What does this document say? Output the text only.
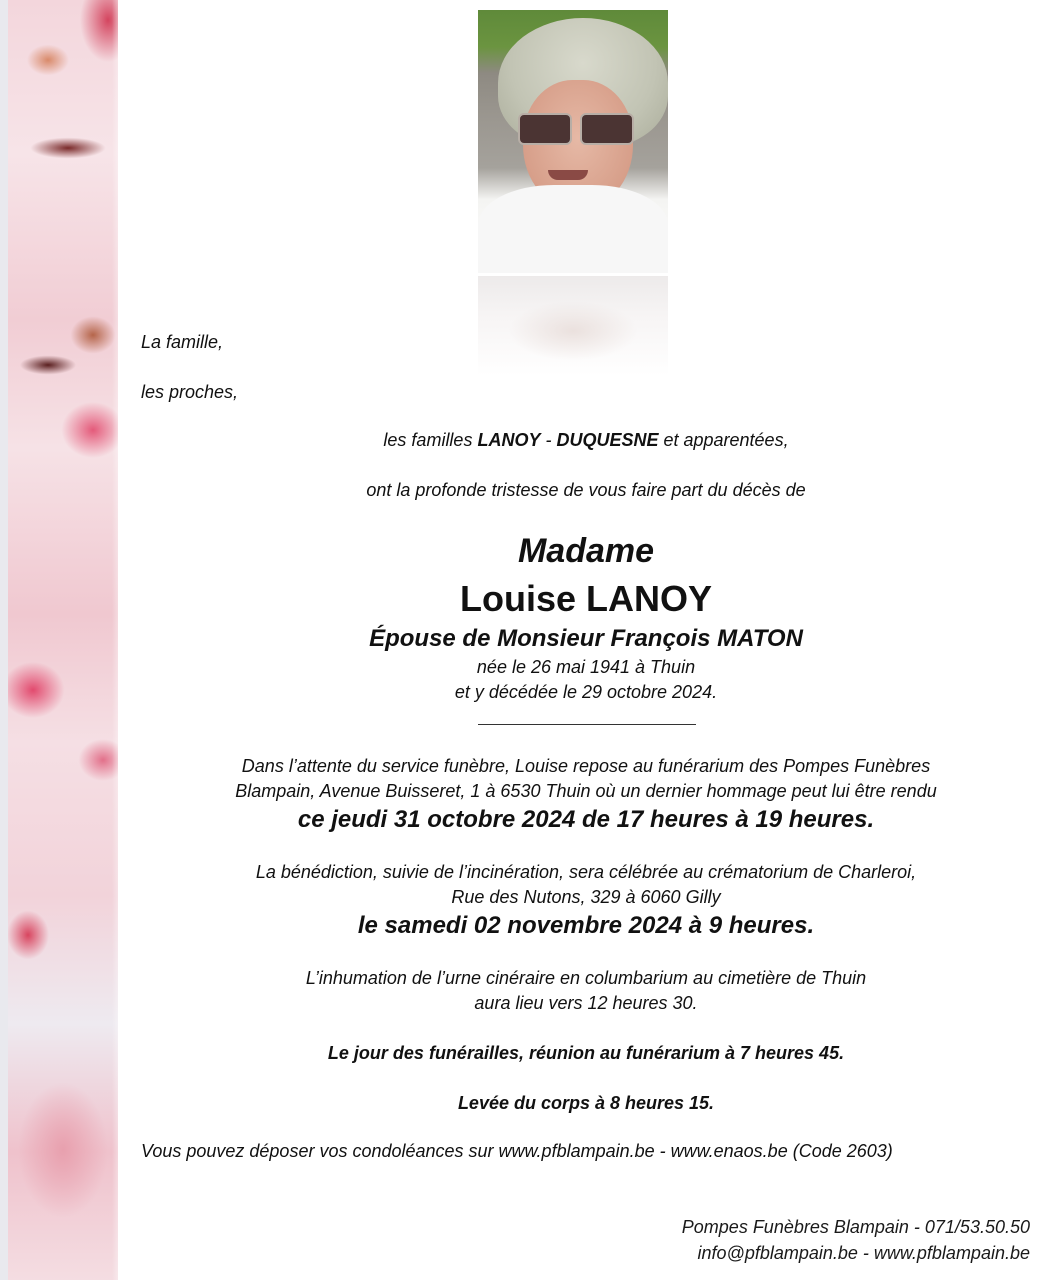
La famille,
les proches,
les familles LANOY - DUQUESNE et apparentées,
ont la profonde tristesse de vous faire part du décès de
Madame
Louise LANOY
Épouse de Monsieur François MATON
née le 26 mai 1941 à Thuin
et y décédée le 29 octobre 2024.
Dans l’attente du service funèbre, Louise repose au funérarium des Pompes Funèbres
Blampain, Avenue Buisseret, 1 à 6530 Thuin où un dernier hommage peut lui être rendu
ce jeudi 31 octobre 2024 de 17 heures à 19 heures.
La bénédiction, suivie de l’incinération, sera célébrée au crématorium de Charleroi,
Rue des Nutons, 329 à 6060 Gilly
le samedi 02 novembre 2024 à 9 heures.
L’inhumation de l’urne cinéraire en columbarium au cimetière de Thuin
aura lieu vers 12 heures 30.
Le jour des funérailles, réunion au funérarium à 7 heures 45.
Levée du corps à 8 heures 15.
Vous pouvez déposer vos condoléances sur www.pfblampain.be - www.enaos.be (Code 2603)
Pompes Funèbres Blampain - 071/53.50.50
info@pfblampain.be - www.pfblampain.be
